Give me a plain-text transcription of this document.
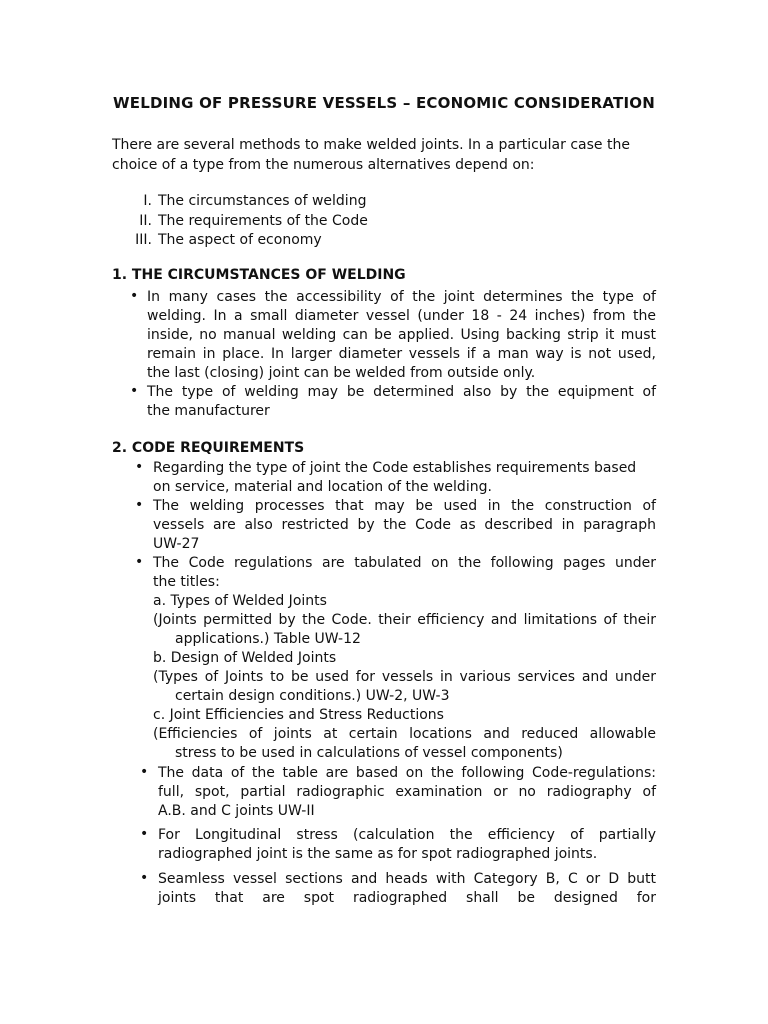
WELDING OF PRESSURE VESSELS – ECONOMIC CONSIDERATION
There are several methods to make welded joints. In a particular case the
choice of a type from the numerous alternatives depend on:
I. The circumstances of welding
II. The requirements of the Code
III. The aspect of economy
1. THE CIRCUMSTANCES OF WELDING
• In many cases the accessibility of the joint determines the type of
welding. In a small diameter vessel (under 18 - 24 inches) from the
inside, no manual welding can be applied. Using backing strip it must
remain in place. In larger diameter vessels if a man way is not used,
the last (closing) joint can be welded from outside only.
• The type of welding may be determined also by the equipment of
the manufacturer
2. CODE REQUIREMENTS
• Regarding the type of joint the Code establishes requirements based
on service, material and location of the welding.
• The welding processes that may be used in the construction of
vessels are also restricted by the Code as described in paragraph
UW-27
• The Code regulations are tabulated on the following pages under
the titles:
a. Types of Welded Joints
(Joints permitted by the Code. their efficiency and limitations of their
applications.) Table UW-12
b. Design of Welded Joints
(Types of Joints to be used for vessels in various services and under
certain design conditions.) UW-2, UW-3
c. Joint Efficiencies and Stress Reductions
(Efficiencies of joints at certain locations and reduced allowable
stress to be used in calculations of vessel components)
• The data of the table are based on the following Code-regulations:
full, spot, partial radiographic examination or no radiography of
A.B. and C joints UW-II
• For Longitudinal stress (calculation the efficiency of partially
radiographed joint is the same as for spot radiographed joints.
• Seamless vessel sections and heads with Category B, C or D butt
joints that are spot radiographed shall be designed for
